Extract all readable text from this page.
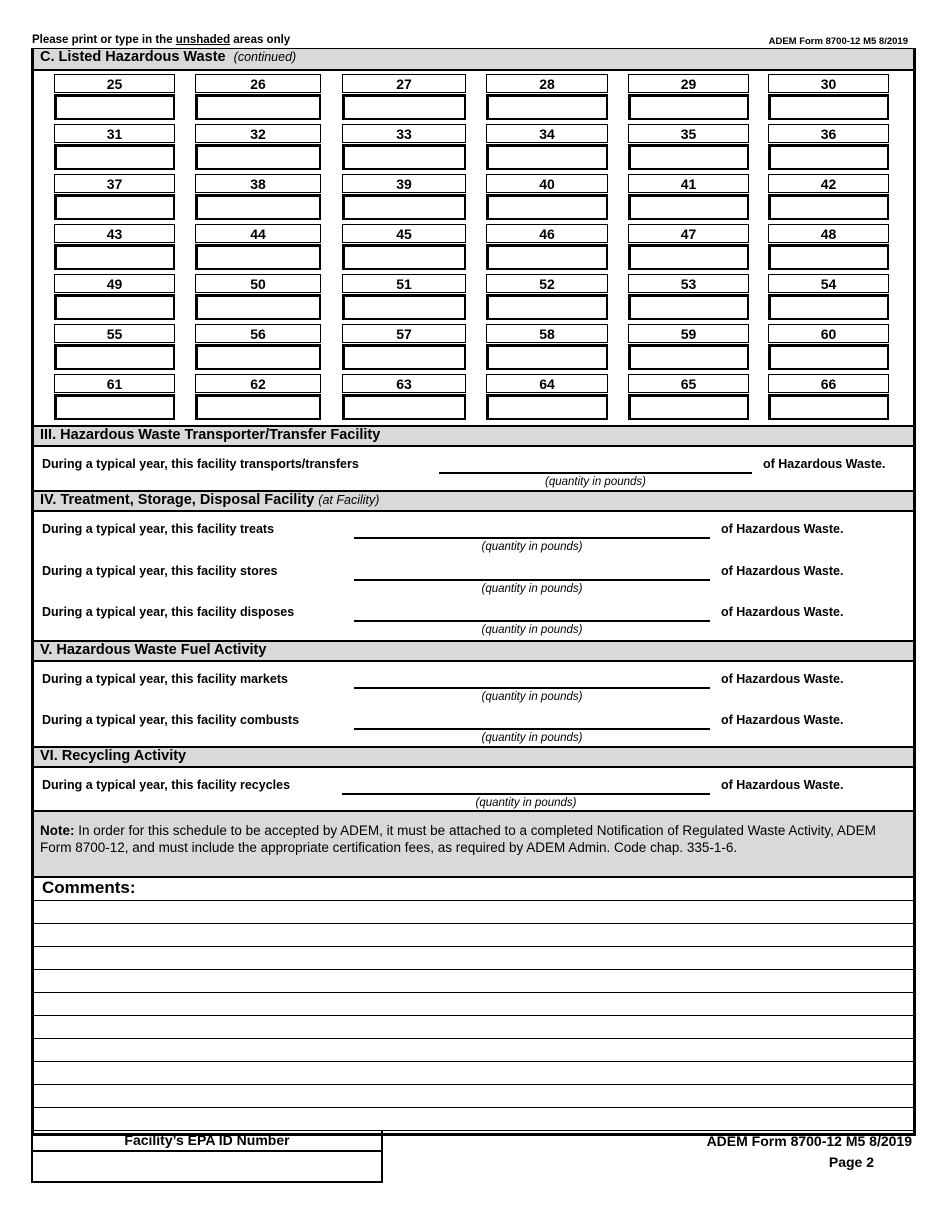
Please print or type in the unshaded areas only	ADEM Form 8700-12 M5 8/2019
C. Listed Hazardous Waste (continued)
25	26	27	28	29	30
31	32	33	34	35	36
37	38	39	40	41	42
43	44	45	46	47	48
49	50	51	52	53	54
55	56	57	58	59	60
61	62	63	64	65	66
III. Hazardous Waste Transporter/Transfer Facility
IV. Treatment, Storage, Disposal Facility (at Facility)
V. Hazardous Waste Fuel Activity
VI. Recycling Activity
During a typical year, this facility transports/transfers
(quantity in pounds)
of Hazardous Waste.
During a typical year, this facility treats
(quantity in pounds)
of Hazardous Waste.
During a typical year, this facility stores
(quantity in pounds)
of Hazardous Waste.
During a typical year, this facility disposes
(quantity in pounds)
of Hazardous Waste.
During a typical year, this facility markets
(quantity in pounds)
of Hazardous Waste.
During a typical year, this facility combusts
(quantity in pounds)
of Hazardous Waste.
During a typical year, this facility recycles
(quantity in pounds)
of Hazardous Waste.
Note: In order for this schedule to be accepted by ADEM, it must be attached to a completed Notification of Regulated Waste Activity, ADEM Form 8700-12, and must include the appropriate certification fees, as required by ADEM Admin. Code chap. 335-1-6.
Comments:
Facility’s EPA ID Number	ADEM Form 8700-12 M5 8/2019
Page 2
